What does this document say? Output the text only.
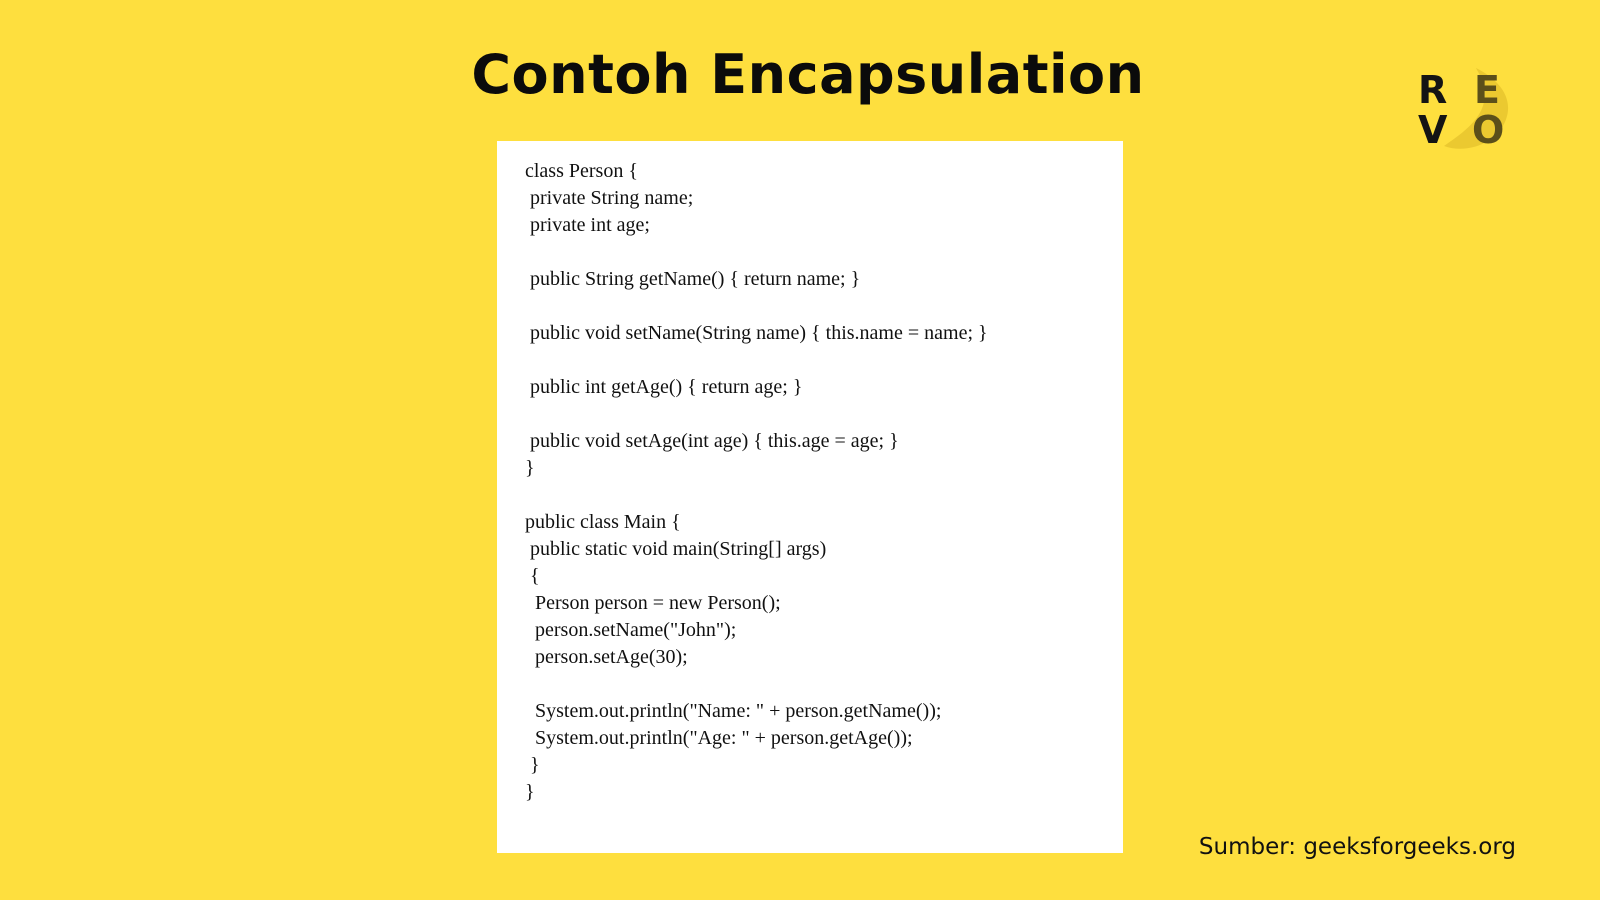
Contoh Encapsulation	R E
V O
class Person {
private String name;
private int age;
public String getName() { return name; }
public void setName(String name) { this.name = name; }
public int getAge() { return age; }
public void setAge(int age) { this.age = age; }
}
public class Main {
public static void main(String[] args)
{
Person person = new Person();
person.setName("John");
person.setAge(30);
System.out.println("Name: " + person.getName());
System.out.println("Age: " + person.getAge());
}
}
Sumber: geeksforgeeks.org
